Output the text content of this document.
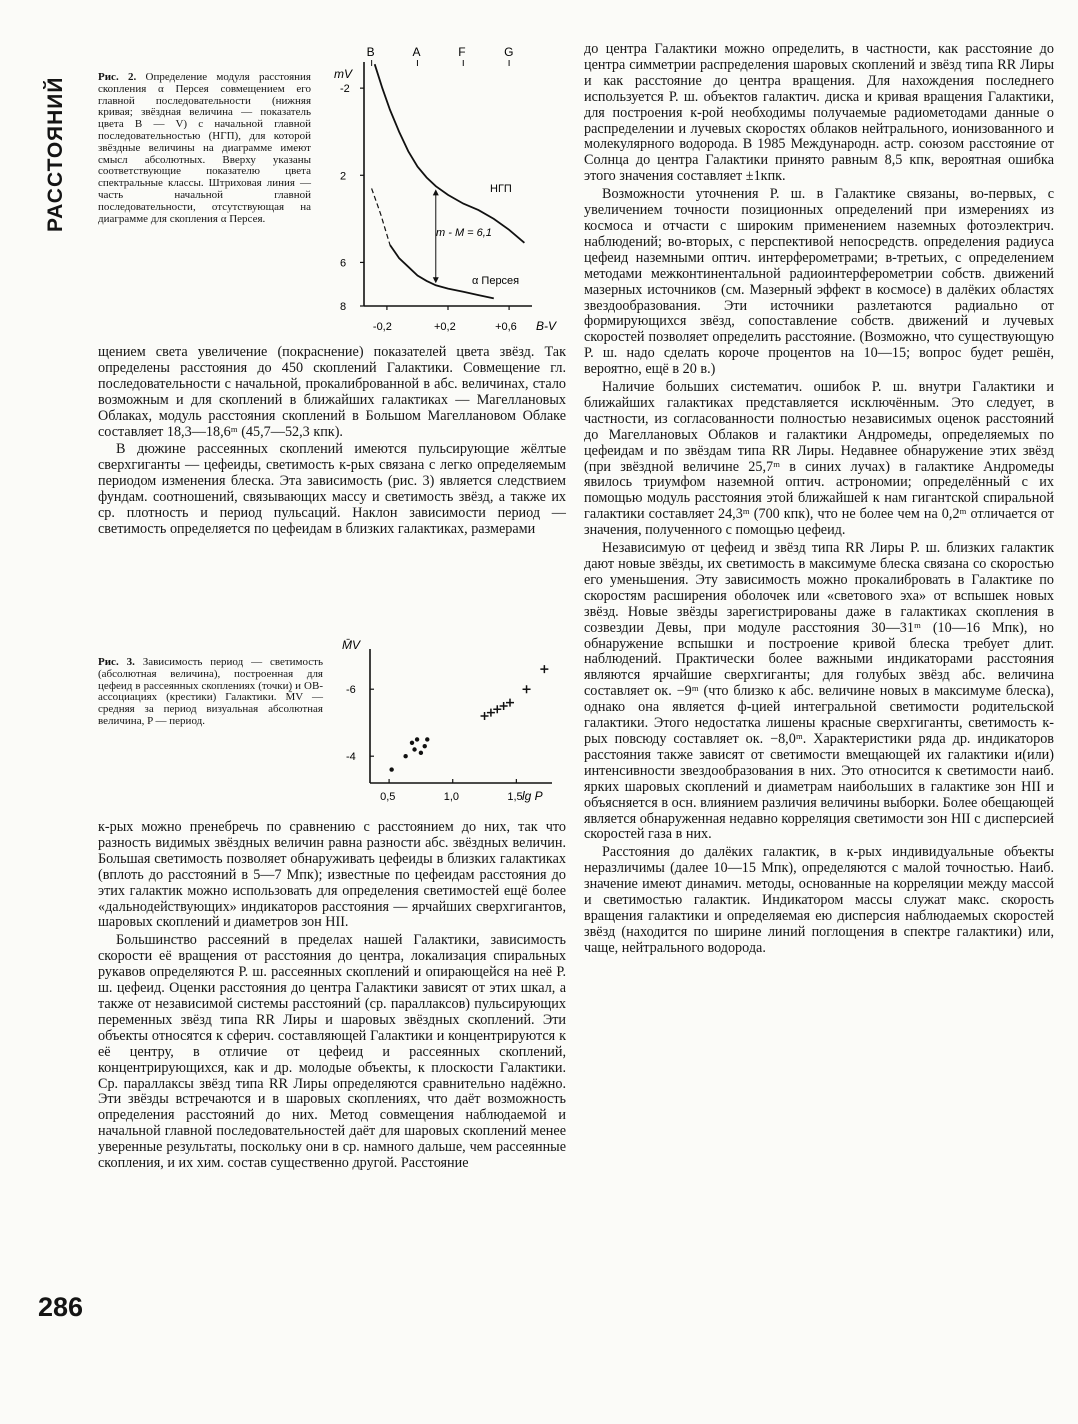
РАССТОЯНИЙ	Рис. 2. Определение модуля расстояния скопления α Персея совмещением его главной последовательности (нижняя кривая; звёздная величина — показатель цвета B — V) с начальной главной последовательностью (НГП), для которой звёздные величины на диаграмме имеют смысл абсолютных. Вверху указаны соответствующие показателю цвета спектральные классы. Штриховая линия — часть начальной главной последовательности, отсутствующая на диаграмме для скопления α Персея.
mV
B-V
НГП
m - M = 6,1
α Персея
B	A	F	G
-2
2
6
8
-0,2	+0,2	+0,6

щением света увеличение (покраснение) показателей цвета звёзд. Так определены расстояния до 450 скоплений Галактики. Совмещение гл. последовательности с начальной, прокалиброванной в абс. величинах, стало возможным и для скоплений в ближайших галактиках — Магеллановых Облаках, модуль расстояния скоплений в Большом Магеллановом Облаке составляет 18,3—18,6ᵐ (45,7—52,3 кпк).

В дюжине рассеянных скоплений имеются пульсирующие жёлтые сверхгиганты — цефеиды, светимость к-рых связана с легко определяемым периодом изменения блеска. Эта зависимость (рис. 3) является следствием фундам. соотношений, связывающих массу и светимость звёзд, а также их ср. плотность и период пульсаций. Наклон зависимости период — светимость определяется по цефеидам в близких галактиках, размерами

Рис. 3. Зависимость период — светимость (абсолютная величина), построенная для цефеид в рассеянных скоплениях (точки) и ОВ-ассоциациях (крестики) Галактики. M̄V — средняя за период визуальная абсолютная величина, P — период.
M̄V
lg P
-6
-4
0,5	1,0	1,5

к-рых можно пренебречь по сравнению с расстоянием до них, так что разность видимых звёздных величин равна разности абс. звёздных величин. Большая светимость позволяет обнаруживать цефеиды в близких галактиках (вплоть до расстояний в 5—7 Мпк); известные по цефеидам расстояния до этих галактик можно использовать для определения светимостей ещё более «дальнодействующих» индикаторов расстояния — ярчайших сверхгигантов, шаровых скоплений и диаметров зон НII.

Большинство рассеяний в пределах нашей Галактики, зависимость скорости её вращения от расстояния до центра, локализация спиральных рукавов определяются Р. ш. рассеянных скоплений и опирающейся на неё Р. ш. цефеид. Оценки расстояния до центра Галактики зависят от этих шкал, а также от независимой системы расстояний (ср. параллаксов) пульсирующих переменных звёзд типа RR Лиры и шаровых звёздных скоплений. Эти объекты относятся к сферич. составляющей Галактики и концентрируются к её центру, в отличие от цефеид и рассеянных скоплений, концентрирующихся, как и др. молодые объекты, к плоскости Галактики. Ср. параллаксы звёзд типа RR Лиры определяются сравнительно надёжно. Эти звёзды встречаются и в шаровых скоплениях, что даёт возможность определения расстояний до них. Метод совмещения наблюдаемой и начальной главной последовательностей даёт для шаровых скоплений менее уверенные результаты, поскольку они в ср. намного дальше, чем рассеянные скопления, и их хим. состав существенно другой. Расстояние

до центра Галактики можно определить, в частности, как расстояние до центра симметрии распределения шаровых скоплений и звёзд типа RR Лиры и как расстояние до центра вращения. Для нахождения последнего используется Р. ш. объектов галактич. диска и кривая вращения Галактики, для построения к-рой необходимы получаемые радиометодами данные о распределении и лучевых скоростях облаков нейтрального, ионизованного и молекулярного водорода. В 1985 Международн. астр. союзом расстояние от Солнца до центра Галактики принято равным 8,5 кпк, вероятная ошибка этого значения составляет ±1кпк.

Возможности уточнения Р. ш. в Галактике связаны, во-первых, с увеличением точности позиционных определений при измерениях из космоса и отчасти с широким применением наземных фотоэлектрич. наблюдений; во-вторых, с перспективой непосредств. определения радиуса цефеид наземными оптич. интерферометрами; в-третьих, с определением методами межконтинентальной радиоинтерферометрии собств. движений мазерных источников (см. Мазерный эффект в космосе) в далёких областях звездообразования. Эти источники разлетаются радиально от формирующихся звёзд, сопоставление собств. движений и лучевых скоростей позволяет определить расстояние. (Возможно, что существующую Р. ш. надо сделать короче процентов на 10—15; вопрос будет решён, вероятно, ещё в 20 в.)

Наличие больших систематич. ошибок Р. ш. внутри Галактики и ближайших галактиках представляется исключённым. Это следует, в частности, из согласованности полностью независимых оценок расстояний до Магеллановых Облаков и галактики Андромеды, определяемых по цефеидам и по звёздам типа RR Лиры. Недавнее обнаружение этих звёзд (при звёздной величине 25,7ᵐ в синих лучах) в галактике Андромеды явилось триумфом наземной оптич. астрономии; определённый с их помощью модуль расстояния этой ближайшей к нам гигантской спиральной галактики составляет 24,3ᵐ (700 кпк), что не более чем на 0,2ᵐ отличается от значения, полученного с помощью цефеид.

Независимую от цефеид и звёзд типа RR Лиры Р. ш. близких галактик дают новые звёзды, их светимость в максимуме блеска связана со скоростью его уменьшения. Эту зависимость можно прокалибровать в Галактике по скоростям расширения оболочек или «светового эха» от вспышек новых звёзд. Новые звёзды зарегистрированы даже в галактиках скопления в созвездии Девы, при модуле расстояния 30—31ᵐ (10—16 Мпк), но обнаружение вспышки и построение кривой блеска требует длит. наблюдений. Практически более важными индикаторами расстояния являются ярчайшие сверхгиганты; для голубых звёзд абс. величина составляет ок. −9ᵐ (что близко к абс. величине новых в максимуме блеска), однако она является ф-цией интегральной светимости родительской галактики. Этого недостатка лишены красные сверхгиганты, светимость к-рых повсюду составляет ок. −8,0ᵐ. Характеристики ряда др. индикаторов расстояния также зависят от светимости вмещающей их галактики и(или) интенсивности звездообразования в них. Это относится к светимости наиб. ярких шаровых скоплений и диаметрам наибольших в галактике зон НII и объясняется в осн. влиянием различия величины выборки. Более обещающей является обнаруженная недавно корреляция светимости зон НII с дисперсией скоростей газа в них.

Расстояния до далёких галактик, в к-рых индивидуальные объекты неразличимы (далее 10—15 Мпк), определяются с малой точностью. Наиб. значение имеют динамич. методы, основанные на корреляции между массой и светимостью галактик. Индикатором массы служат макс. скорость вращения галактики и определяемая ею дисперсия наблюдаемых скоростей звёзд (находится по ширине линий поглощения в спектре галактики) или, чаще, нейтрального водорода.

286
